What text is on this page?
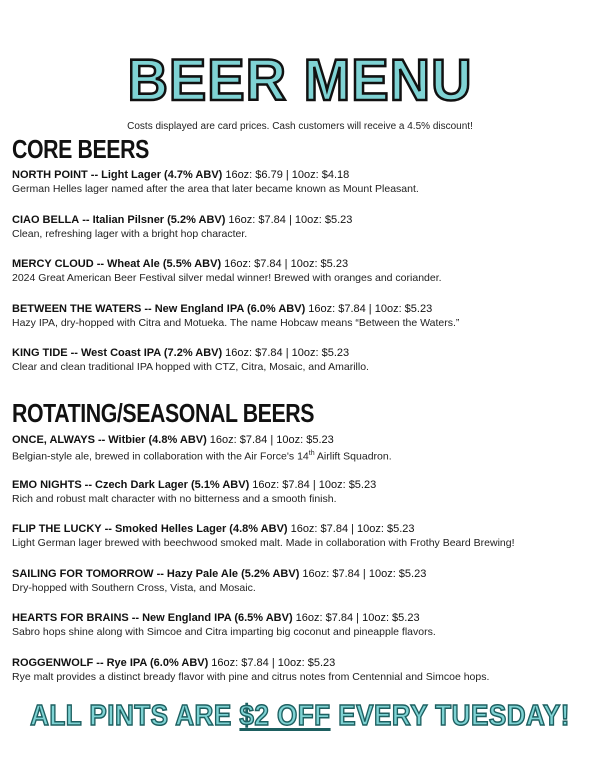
BEER MENU
Costs displayed are card prices. Cash customers will receive a 4.5% discount!
CORE BEERS
NORTH POINT -- Light Lager (4.7% ABV) 16oz: $6.79 | 10oz: $4.18
German Helles lager named after the area that later became known as Mount Pleasant.
CIAO BELLA -- Italian Pilsner (5.2% ABV) 16oz: $7.84 | 10oz: $5.23
Clean, refreshing lager with a bright hop character.
MERCY CLOUD -- Wheat Ale (5.5% ABV) 16oz: $7.84 | 10oz: $5.23
2024 Great American Beer Festival silver medal winner! Brewed with oranges and coriander.
BETWEEN THE WATERS -- New England IPA (6.0% ABV) 16oz: $7.84 | 10oz: $5.23
Hazy IPA, dry-hopped with Citra and Motueka. The name Hobcaw means “Between the Waters.”
KING TIDE -- West Coast IPA (7.2% ABV) 16oz: $7.84 | 10oz: $5.23
Clear and clean traditional IPA hopped with CTZ, Citra, Mosaic, and Amarillo.
ROTATING/SEASONAL BEERS
ONCE, ALWAYS -- Witbier (4.8% ABV) 16oz: $7.84 | 10oz: $5.23
Belgian-style ale, brewed in collaboration with the Air Force's 14th Airlift Squadron.
EMO NIGHTS -- Czech Dark Lager (5.1% ABV) 16oz: $7.84 | 10oz: $5.23
Rich and robust malt character with no bitterness and a smooth finish.
FLIP THE LUCKY -- Smoked Helles Lager (4.8% ABV) 16oz: $7.84 | 10oz: $5.23
Light German lager brewed with beechwood smoked malt. Made in collaboration with Frothy Beard Brewing!
SAILING FOR TOMORROW -- Hazy Pale Ale (5.2% ABV) 16oz: $7.84 | 10oz: $5.23
Dry-hopped with Southern Cross, Vista, and Mosaic.
HEARTS FOR BRAINS -- New England IPA (6.5% ABV) 16oz: $7.84 | 10oz: $5.23
Sabro hops shine along with Simcoe and Citra imparting big coconut and pineapple flavors.
ROGGENWOLF -- Rye IPA (6.0% ABV) 16oz: $7.84 | 10oz: $5.23
Rye malt provides a distinct bready flavor with pine and citrus notes from Centennial and Simcoe hops.
ALL PINTS ARE $2 OFF EVERY TUESDAY!
